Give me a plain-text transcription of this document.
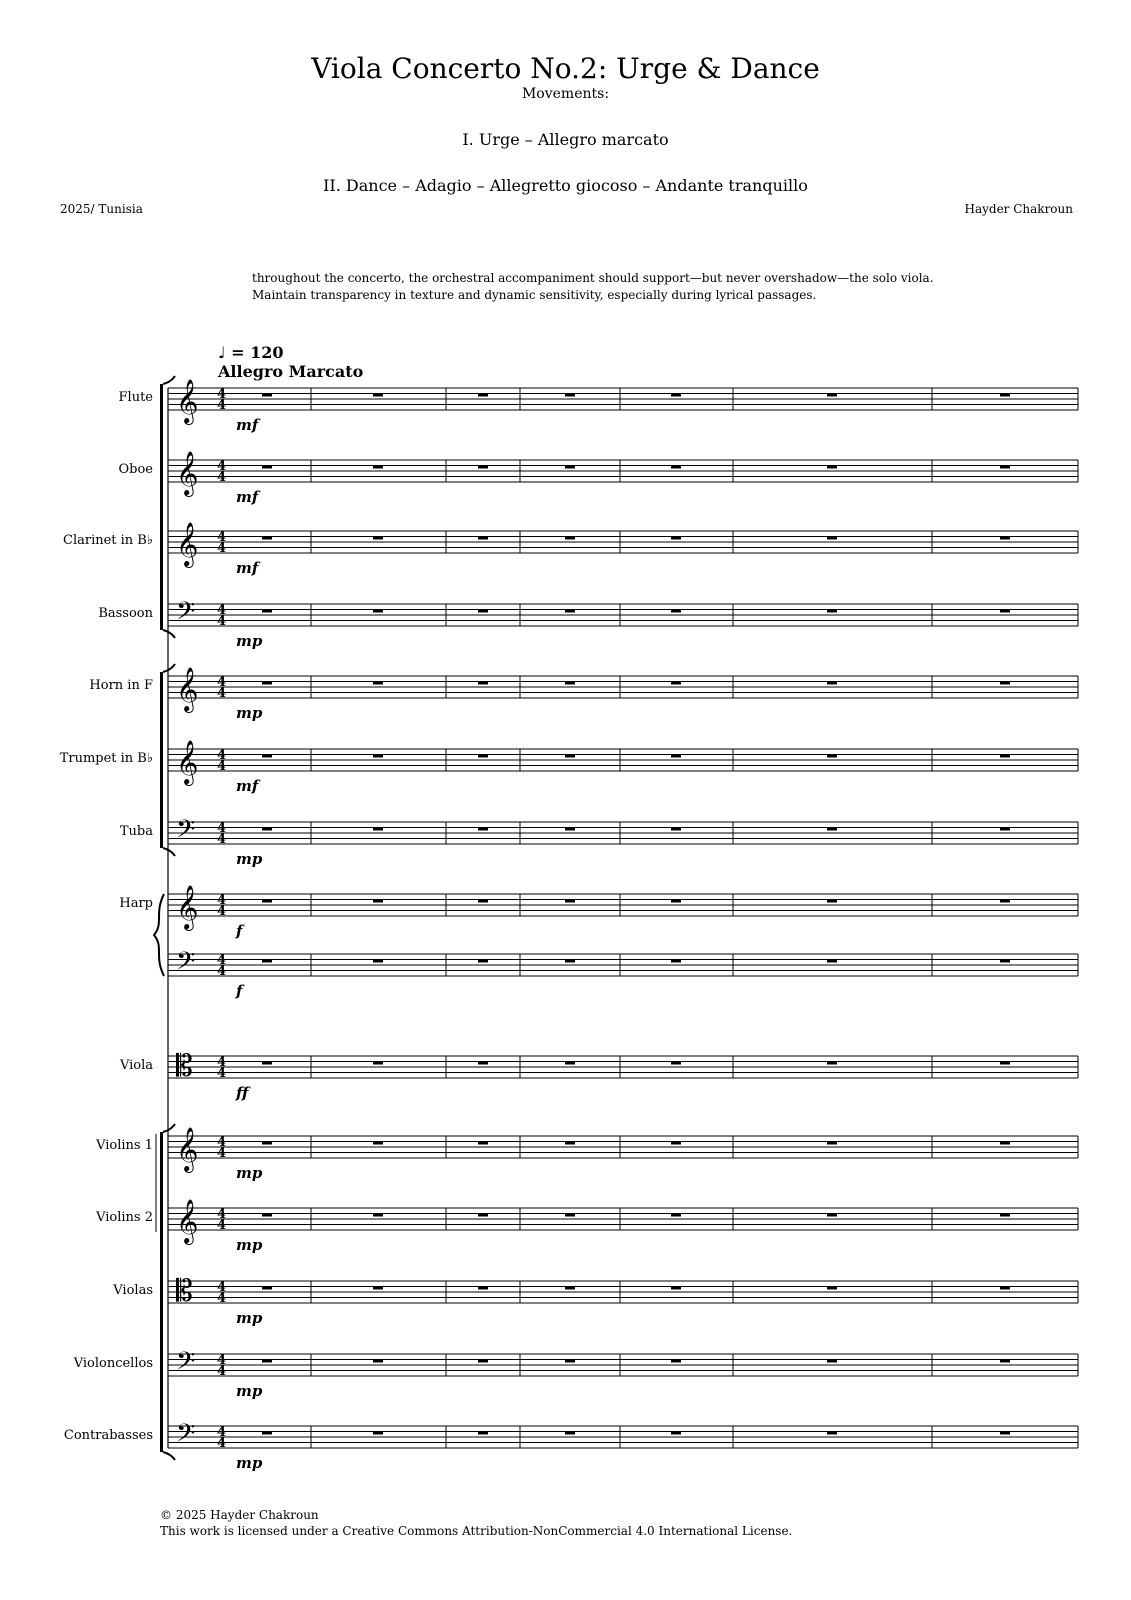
Viola Concerto No.2: Urge & Dance
Movements:
I. Urge – Allegro marcato
II. Dance – Adagio – Allegretto giocoso – Andante tranquillo
2025/ Tunisia	Hayder Chakroun
throughout the concerto, the orchestral accompaniment should support—but never overshadow—the solo viola.
Maintain transparency in texture and dynamic sensitivity, especially during lyrical passages.
♩ = 120
Allegro Marcato
𝄞 4
4
mf
𝄞 4
4
mf
𝄞 4
4
mf
𝄢 4
4
mp
𝄞 4
4
mp
𝄞 4
4
mf
𝄢 4
4
mp
𝄞 4
4
f
𝄢 4
4
f
𝄡 4
4
ff
𝄞 4
4
mp
𝄞 4
4
mp
𝄡 4
4
mp
𝄢 4
4
mp
𝄢 4
4
mp
Flute
Oboe
Clarinet in B♭
Bassoon
Horn in F
Trumpet in B♭
Tuba
Harp
Viola
Violins 1
Violins 2
Violas
Violoncellos
Contrabasses
© 2025 Hayder Chakroun
This work is licensed under a Creative Commons Attribution-NonCommercial 4.0 International License.
